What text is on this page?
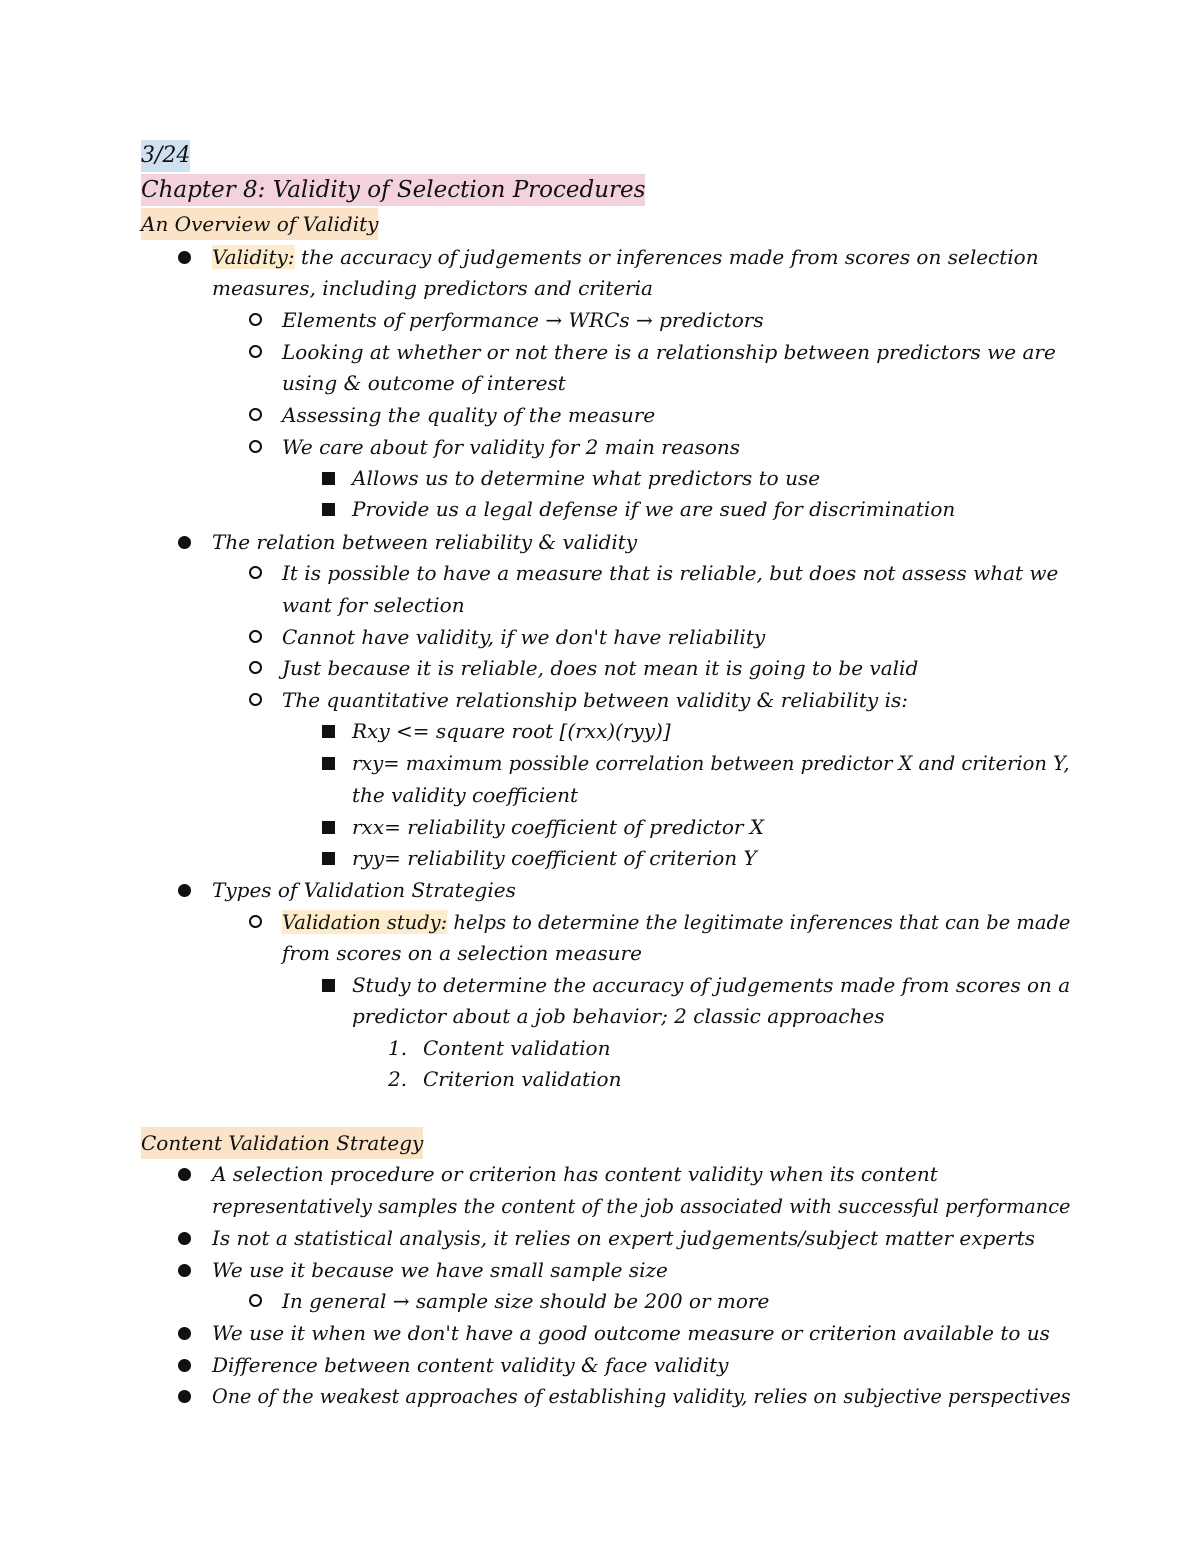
3/24
Chapter 8: Validity of Selection Procedures
An Overview of Validity
Validity: the accuracy of judgements or inferences made from scores on selection
measures, including predictors and criteria
Elements of performance → WRCs → predictors
Looking at whether or not there is a relationship between predictors we are
using & outcome of interest
Assessing the quality of the measure
We care about for validity for 2 main reasons
Allows us to determine what predictors to use
Provide us a legal defense if we are sued for discrimination
The relation between reliability & validity
It is possible to have a measure that is reliable, but does not assess what we
want for selection
Cannot have validity, if we don't have reliability
Just because it is reliable, does not mean it is going to be valid
The quantitative relationship between validity & reliability is:
Rxy <= square root [(rxx)(ryy)]
rxy= maximum possible correlation between predictor X and criterion Y,
the validity coefficient
rxx= reliability coefficient of predictor X
ryy= reliability coefficient of criterion Y
Types of Validation Strategies
Validation study: helps to determine the legitimate inferences that can be made
from scores on a selection measure
Study to determine the accuracy of judgements made from scores on a
predictor about a job behavior; 2 classic approaches
1. Content validation
2. Criterion validation
Content Validation Strategy
A selection procedure or criterion has content validity when its content
representatively samples the content of the job associated with successful performance
Is not a statistical analysis, it relies on expert judgements/subject matter experts
We use it because we have small sample size
In general → sample size should be 200 or more
We use it when we don't have a good outcome measure or criterion available to us
Difference between content validity & face validity
One of the weakest approaches of establishing validity, relies on subjective perspectives
